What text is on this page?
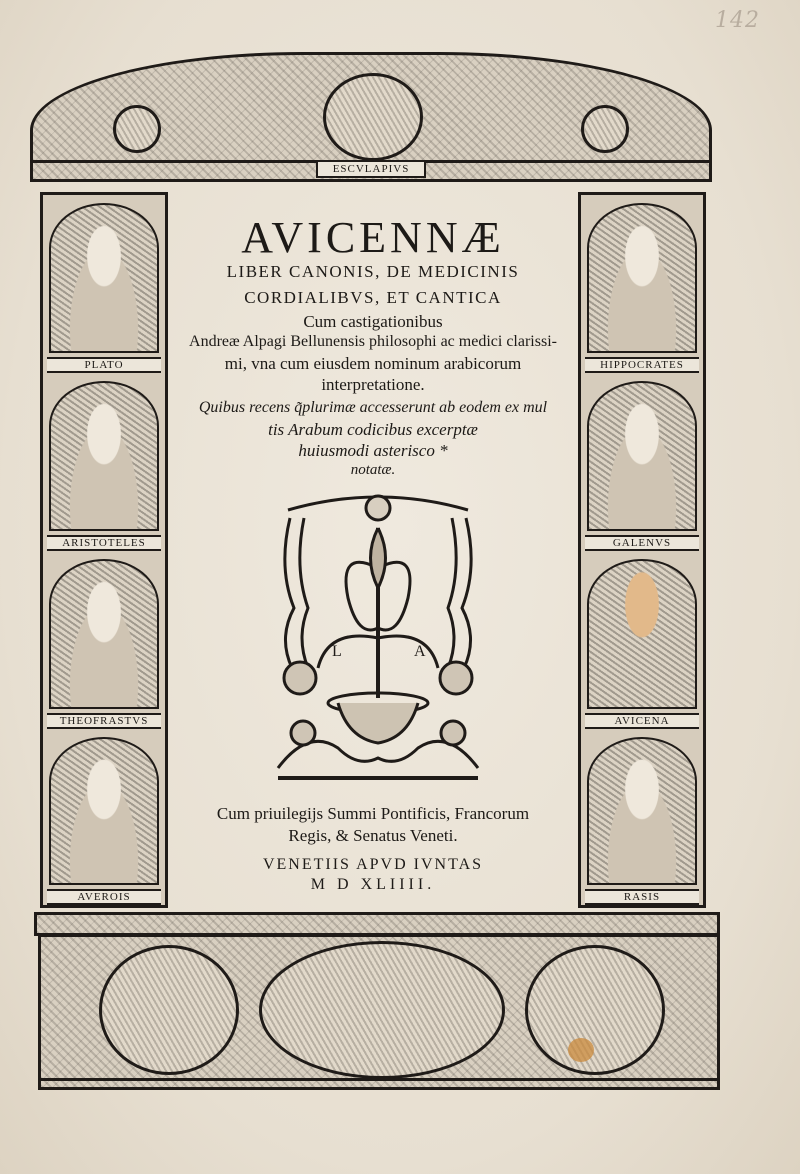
142
ESCVLAPIVS
PLATO
ARISTOTELES
THEOFRASTVS
AVEROIS
HIPPOCRATES
GALENVS
AVICENA
RASIS
AVICENNÆ
LIBER CANONIS, DE MEDICINIS
CORDIALIBVS, ET CANTICA
Cum castigationibus
Andreæ Alpagi Bellunensis philosophi ac medici clarissi-
mi, vna cum eiusdem nominum arabicorum
interpretatione.
Quibus recens q̃plurimæ accesserunt ab eodem ex mul
tis Arabum codicibus excerptæ
huiusmodi asterisco *
notatæ.
L	A
Cum priuilegijs Summi Pontificis, Francorum
Regis, & Senatus Veneti.
VENETIIS APVD IVNTAS
M D XLIIII.
